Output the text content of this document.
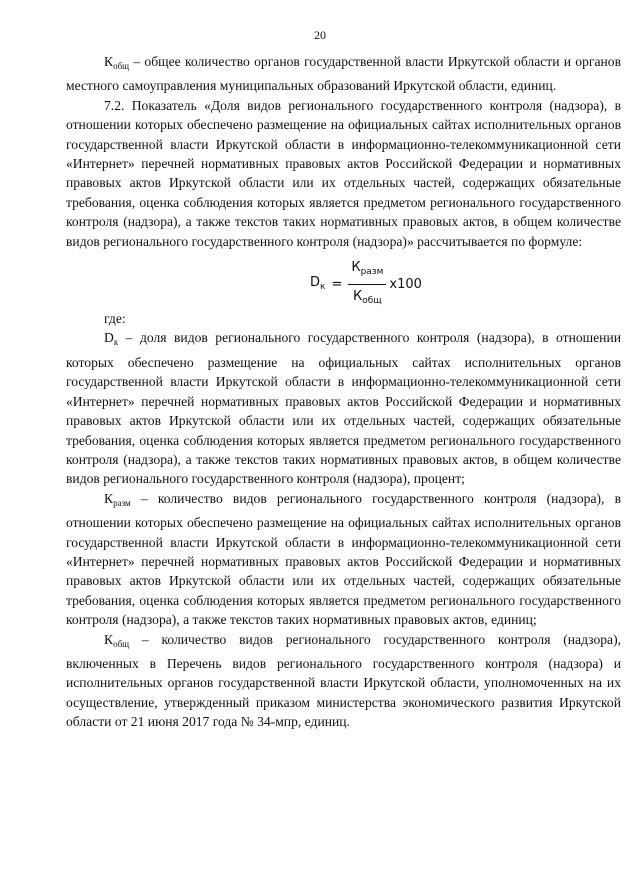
20

$К_{общ}$ – общее количество органов государственной власти Иркутской области и органов местного самоуправления муниципальных образований Иркутской области, единиц.

7.2. Показатель «Доля видов регионального государственного контроля (надзора), в отношении которых обеспечено размещение на официальных сайтах исполнительных органов государственной власти Иркутской области в информационно-телекоммуникационной сети «Интернет» перечней нормативных правовых актов Российской Федерации и нормативных правовых актов Иркутской области или их отдельных частей, содержащих обязательные требования, оценка соблюдения которых является предметом регионального государственного контроля (надзора), а также текстов таких нормативных правовых актов, в общем количестве видов регионального государственного контроля (надзора)» рассчитывается по формуле:

$D_к = \frac{К_{разм}}{К_{общ}} x100$

где:

$D_к$ – доля видов регионального государственного контроля (надзора), в отношении которых обеспечено размещение на официальных сайтах исполнительных органов государственной власти Иркутской области в информационно-телекоммуникационной сети «Интернет» перечней нормативных правовых актов Российской Федерации и нормативных правовых актов Иркутской области или их отдельных частей, содержащих обязательные требования, оценка соблюдения которых является предметом регионального государственного контроля (надзора), а также текстов таких нормативных правовых актов, в общем количестве видов регионального государственного контроля (надзора), процент;

$К_{разм}$ – количество видов регионального государственного контроля (надзора), в отношении которых обеспечено размещение на официальных сайтах исполнительных органов государственной власти Иркутской области в информационно-телекоммуникационной сети «Интернет» перечней нормативных правовых актов Российской Федерации и нормативных правовых актов Иркутской области или их отдельных частей, содержащих обязательные требования, оценка соблюдения которых является предметом регионального государственного контроля (надзора), а также текстов таких нормативных правовых актов, единиц;

$К_{общ}$ – количество видов регионального государственного контроля (надзора), включенных в Перечень видов регионального государственного контроля (надзора) и исполнительных органов государственной власти Иркутской области, уполномоченных на их осуществление, утвержденный приказом министерства экономического развития Иркутской области от 21 июня 2017 года № 34-мпр, единиц.
